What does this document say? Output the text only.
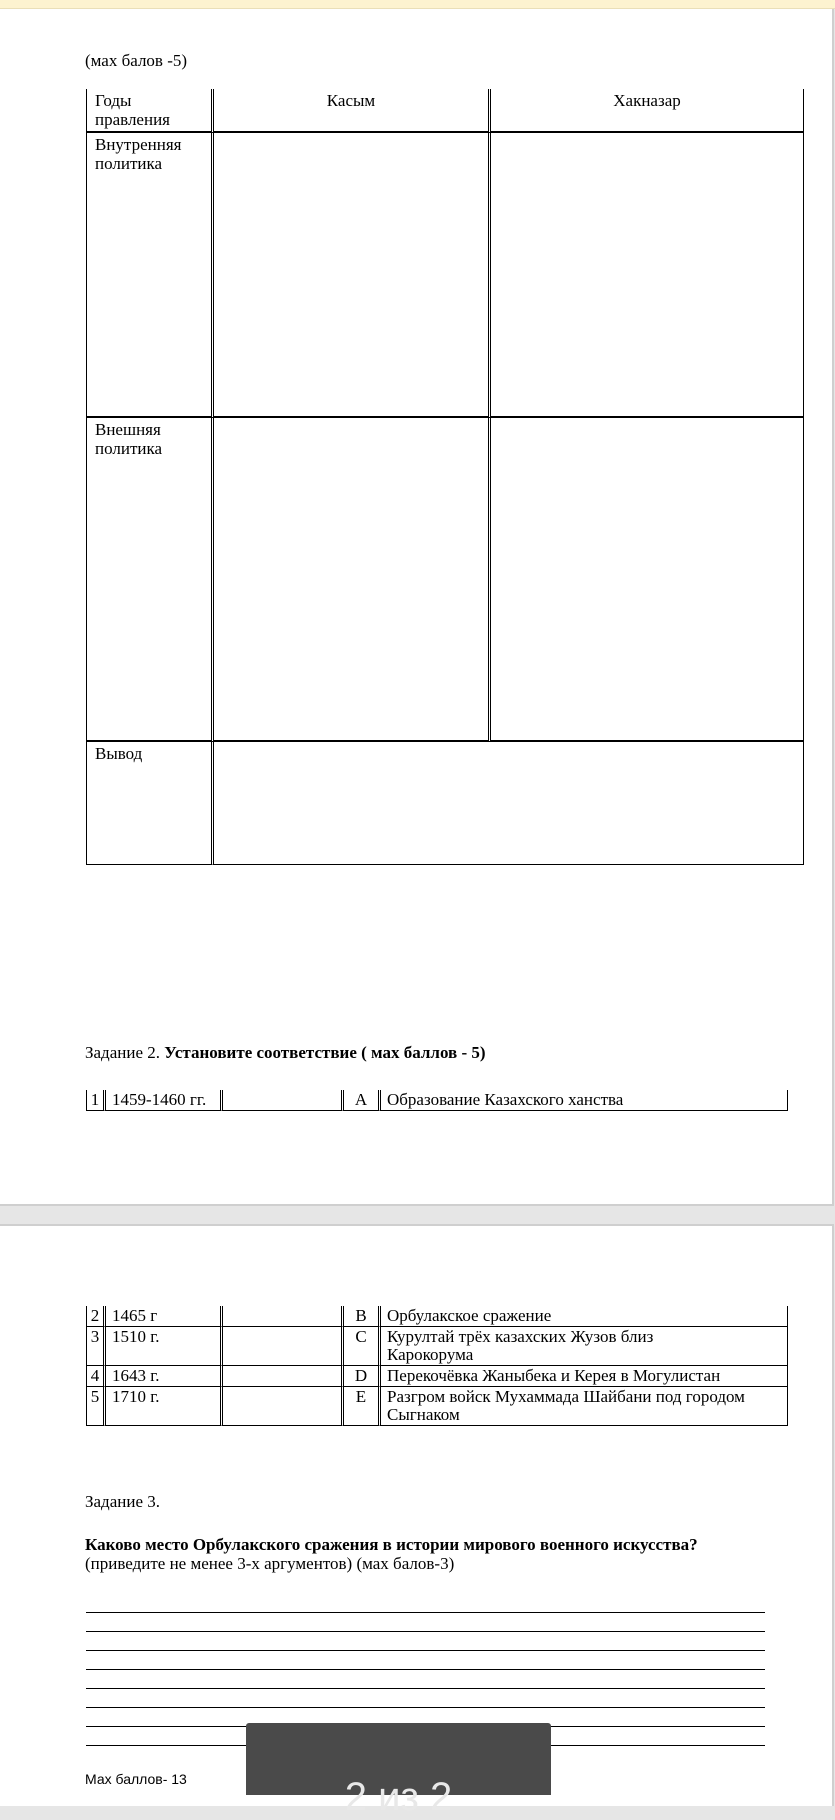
(мах балов -5)
Годы правления	Касым	Хакназар
Внутренняя политика		
Внешняя политика		
Вывод		
Задание 2. Установите соответствие ( мах баллов - 5)
1	1459-1460 гг.		А	Образование Казахского ханства
2	1465 г		В	Орбулакское сражение
3	1510 г.		С	Курултай трёх казахских Жузов близ Карокорума
4	1643 г.		D	Перекочёвка Жаныбека и Керея в Могулистан
5	1710 г.		Е	Разгром войск Мухаммада Шайбани под городом Сыгнаком
Задание 3.
Каково место Орбулакского сражения в истории мирового военного искусства?
(приведите не менее 3-х аргументов) (мах балов-3)
Мах баллов- 13	2 из 2
